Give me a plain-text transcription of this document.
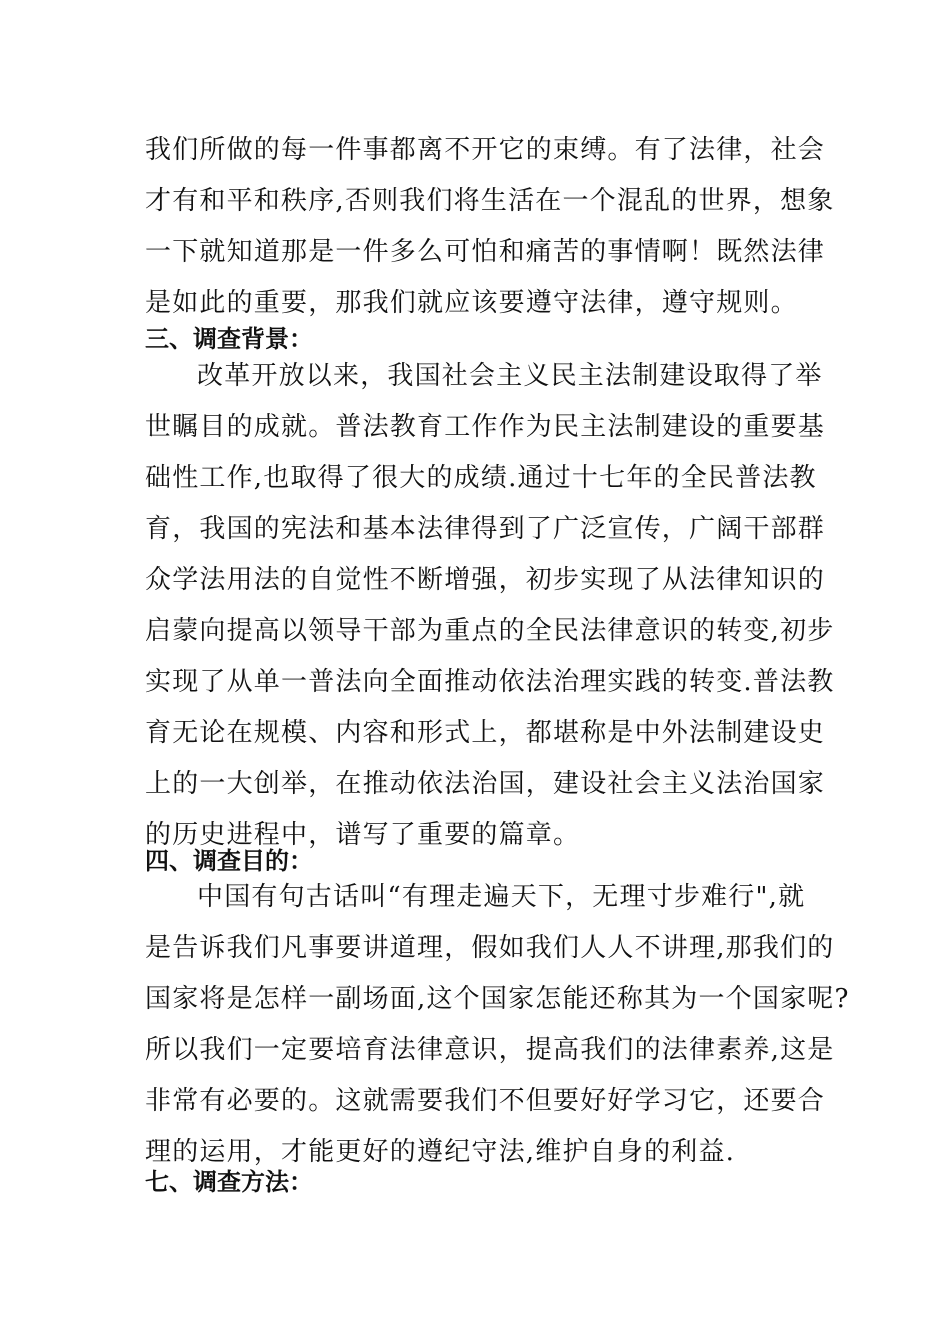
我们所做的每一件事都离不开它的束缚。有了法律，社会
才有和平和秩序,否则我们将生活在一个混乱的世界，想象
一下就知道那是一件多么可怕和痛苦的事情啊！既然法律
是如此的重要，那我们就应该要遵守法律，遵守规则。
三、调查背景：
改革开放以来，我国社会主义民主法制建设取得了举
世瞩目的成就。普法教育工作作为民主法制建设的重要基
础性工作,也取得了很大的成绩.通过十七年的全民普法教
育，我国的宪法和基本法律得到了广泛宣传，广阔干部群
众学法用法的自觉性不断增强，初步实现了从法律知识的
启蒙向提高以领导干部为重点的全民法律意识的转变,初步
实现了从单一普法向全面推动依法治理实践的转变.普法教
育无论在规模、内容和形式上，都堪称是中外法制建设史
上的一大创举，在推动依法治国，建设社会主义法治国家
的历史进程中，谱写了重要的篇章。
四、调查目的：
中国有句古话叫“有理走遍天下，无理寸步难行",就
是告诉我们凡事要讲道理，假如我们人人不讲理,那我们的
国家将是怎样一副场面,这个国家怎能还称其为一个国家呢?
所以我们一定要培育法律意识，提高我们的法律素养,这是
非常有必要的。这就需要我们不但要好好学习它，还要合
理的运用，才能更好的遵纪守法,维护自身的利益.
七、调查方法：
